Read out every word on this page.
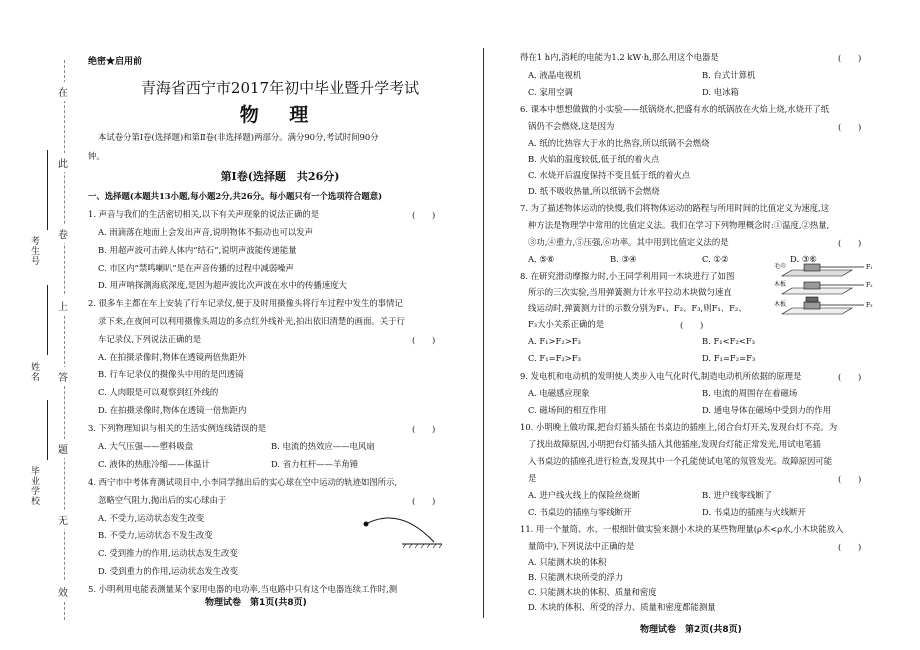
考生号
姓名
毕业学校
在
此
卷
上
答
题
无
效
绝密★启用前
青海省西宁市2017年初中毕业暨升学考试
物 理
本试卷分第Ⅰ卷(选择题)和第Ⅱ卷(非选择题)两部分。满分90分,考试时间90分
钟。
第Ⅰ卷(选择题　共26分)
一、选择题(本题共13小题,每小题2分,共26分。每小题只有一个选项符合题意)
1. 声音与我们的生活密切相关,以下有关声现象的说法正确的是	(　　)
A. 雨滴落在地面上会发出声音,说明物体不振动也可以发声
B. 用超声波可击碎人体内“结石”,说明声波能传递能量
C. 市区内“禁鸣喇叭”是在声音传播的过程中减弱噪声
D. 用声呐探测海底深度,是因为超声波比次声波在水中的传播速度大
2. 很多车主都在车上安装了行车记录仪,便于及时用摄像头将行车过程中发生的事情记
录下来,在夜间可以利用摄像头周边的多点红外线补光,拍出依旧清楚的画面。关于行
车记录仪,下列说法正确的是	(　　)
A. 在拍摄录像时,物体在透镜两倍焦距外
B. 行车记录仪的摄像头中用的是凹透镜
C. 人肉眼是可以观察到红外线的
D. 在拍摄录像时,物体在透镜一倍焦距内
3. 下列物理知识与相关的生活实例连线错误的是	(　　)
A. 大气压强——塑料吸盘	B. 电流的热效应——电风扇
C. 液体的热胀冷缩——体温计	D. 省力杠杆——羊角锤
4. 西宁市中考体育测试项目中,小李同学抛出后的实心球在空中运动的轨迹如图所示,
忽略空气阻力,抛出后的实心球由于	(　　)
A. 不受力,运动状态发生改变
B. 不受力,运动状态不发生改变
C. 受到推力的作用,运动状态发生改变
D. 受到重力的作用,运动状态发生改变
5. 小明利用电能表测量某个家用电器的电功率,当电路中只有这个电器连续工作时,测
物理试卷　第1页(共8页)
得在1 h内,消耗的电能为1.2 kW·h,那么用这个电器是	(　　)
A. 液晶电视机	B. 台式计算机
C. 家用空调	D. 电冰箱
6. 课本中想想做做的小实验——纸锅烧水,把盛有水的纸锅放在火焰上烧,水烧开了纸
锅仍不会燃烧,这是因为	(　　)
A. 纸的比热容大于水的比热容,所以纸锅不会燃烧
B. 火焰的温度较低,低于纸的着火点
C. 水烧开后温度保持不变且低于纸的着火点
D. 纸不吸收热量,所以纸锅不会燃烧
7. 为了描述物体运动的快慢,我们将物体运动的路程与所用时间的比值定义为速度,这
种方法是物理学中常用的比值定义法。我们在学习下列物理概念时:①温度,②热量,
③功,④重力,⑤压强,⑥功率。其中用到比值定义法的是	(　　)
A. ⑤⑥	B. ③④	C. ①②	D. ③⑥
8. 在研究滑动摩擦力时,小王同学利用同一木块进行了如图
所示的三次实验,当用弹簧测力计水平拉动木块做匀速直
线运动时,弹簧测力计的示数分别为F₁、F₂、F₃,则F₁、F₂、
F₃大小关系正确的是	(　　)
A. F₁>F₂>F₃	B. F₁<F₂<F₃
C. F₁=F₂>F₃	D. F₁=F₂=F₃
毛巾	F₁
木板	F₂
木板	F₃
9. 发电机和电动机的发明使人类步入电气化时代,制造电动机所依据的原理是	(　　)
A. 电磁感应现象	B. 电流的周围存在着磁场
C. 磁场间的相互作用	D. 通电导体在磁场中受到力的作用
10. 小明晚上做功课,把台灯插头插在书桌边的插座上,闭合台灯开关,发现台灯不亮。为
了找出故障原因,小明把台灯插头插入其他插座,发现台灯能正常发光,用试电笔插
入书桌边的插座孔进行检查,发现其中一个孔能使试电笔的氖管发光。故障原因可能
是	(　　)
A. 进户线火线上的保险丝烧断	B. 进户线零线断了
C. 书桌边的插座与零线断开	D. 书桌边的插座与火线断开
11. 用一个量筒、水、一根细针做实验来测小木块的某些物理量(ρ木<ρ水,小木块能放入
量筒中),下列说法中正确的是	(　　)
A. 只能测木块的体积
B. 只能测木块所受的浮力
C. 只能测木块的体积、质量和密度
D. 木块的体积、所受的浮力、质量和密度都能测量
物理试卷　第2页(共8页)
